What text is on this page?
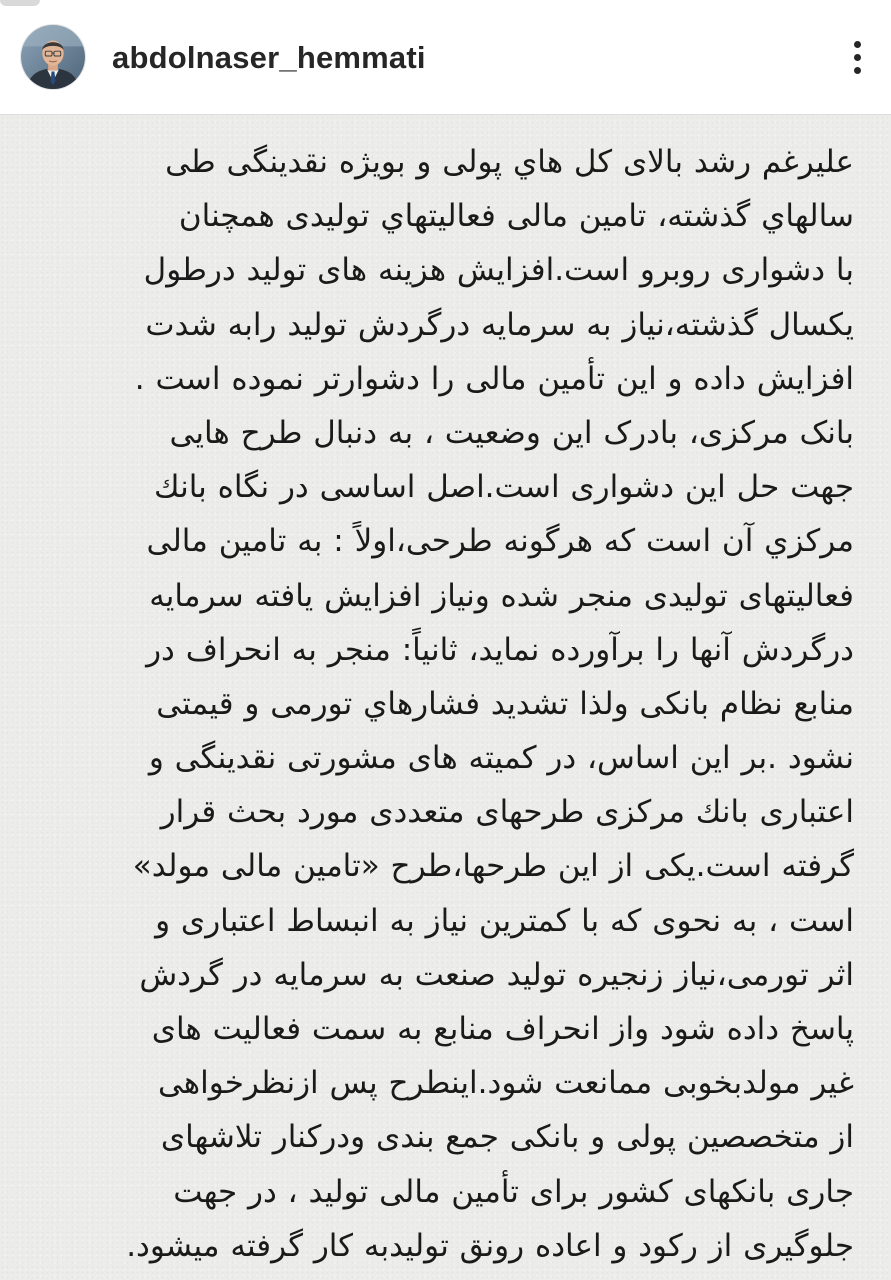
abdolnaser_hemmati
علیرغم رشد بالای کل هاي پولی و بویژه نقدینگی طی
سالهاي گذشته، تامین مالی فعالیتهاي تولیدی همچنان
با دشواری روبرو است.افزایش هزینه های تولید درطول
یکسال گذشته،نیاز به سرمایه درگردش تولید رابه شدت
افزایش داده و این تأمین مالی را دشوارتر نموده است .
بانک مرکزی، بادرک این وضعیت ، به دنبال طرح هایی
جهت حل این دشواری است.اصل اساسی در نگاه بانك
مرکزي آن است که هرگونه طرحی،اولاً : به تامین مالی
فعالیتهای تولیدی منجر شده ونیاز افزایش یافته سرمایه
درگردش آنها را برآورده نماید، ثانیاً: منجر به انحراف در
منابع نظام بانکی ولذا تشدید فشارهاي تورمی و قیمتی
نشود .بر این اساس، در کمیته های مشورتی نقدینگی و
اعتباری بانك مرکزی طرحهای متعددی مورد بحث قرار
گرفته است.یکی از این طرحها،طرح «تامین مالی مولد»
است ، به نحوی که با کمترین نیاز به انبساط اعتباری و
اثر تورمی،نیاز زنجیره تولید صنعت به سرمایه در گردش
پاسخ داده شود واز انحراف منابع به سمت فعالیت های
غیر مولدبخوبی ممانعت شود.اینطرح پس ازنظرخواهی
از متخصصین پولی و بانکی جمع بندی ودرکنار تلاشهای
جاری بانکهای کشور برای تأمین مالی تولید ، در جهت
جلوگیری از رکود و اعاده رونق تولیدبه کار گرفته میشود.
